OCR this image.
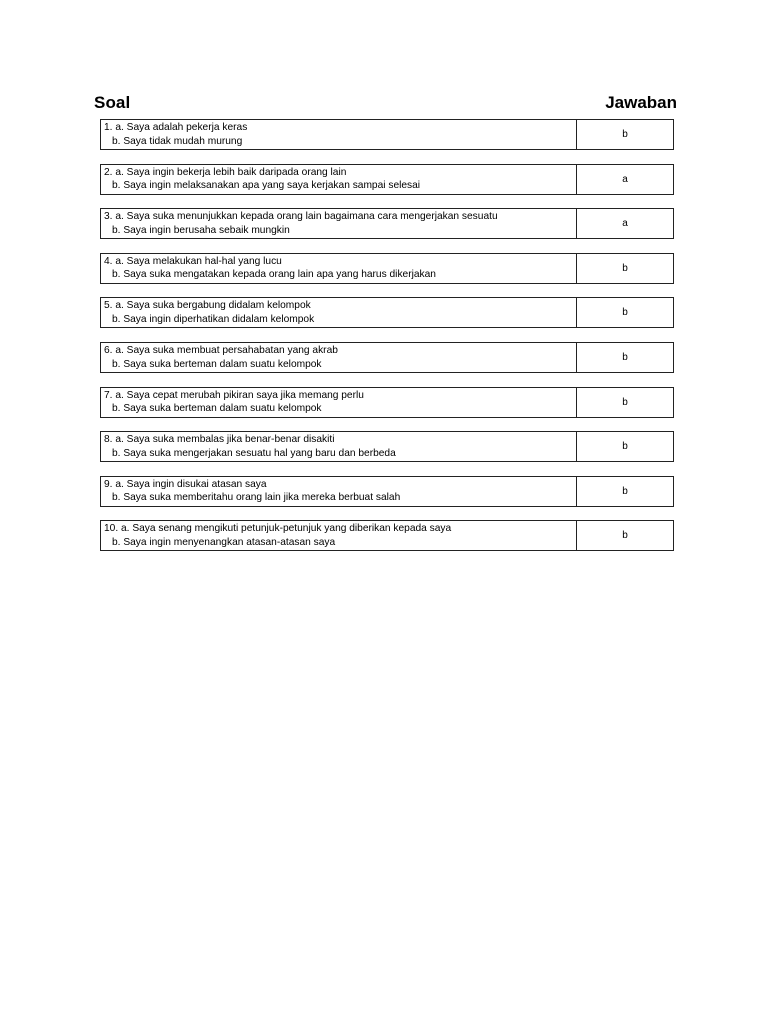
Soal	Jawaban
1. a. Saya adalah pekerja keras
b. Saya tidak mudah murung
b
2. a. Saya ingin bekerja lebih baik daripada orang lain
b. Saya ingin melaksanakan apa yang saya kerjakan sampai selesai
a
3. a. Saya suka menunjukkan kepada orang lain bagaimana cara mengerjakan sesuatu
b. Saya ingin berusaha sebaik mungkin
a
4. a. Saya melakukan hal-hal yang lucu
b. Saya suka mengatakan kepada orang lain apa yang harus dikerjakan
b
5. a. Saya suka bergabung didalam kelompok
b. Saya ingin diperhatikan didalam kelompok
b
6. a. Saya suka membuat persahabatan yang akrab
b. Saya suka berteman dalam suatu kelompok
b
7. a. Saya cepat merubah pikiran saya jika memang perlu
b. Saya suka berteman dalam suatu kelompok
b
8. a. Saya suka membalas jika benar-benar disakiti
b. Saya suka mengerjakan sesuatu hal yang baru dan berbeda
b
9. a. Saya ingin disukai atasan saya
b. Saya suka memberitahu orang lain jika mereka berbuat salah
b
10. a. Saya senang mengikuti petunjuk-petunjuk yang diberikan kepada saya
b. Saya ingin menyenangkan atasan-atasan saya
b
